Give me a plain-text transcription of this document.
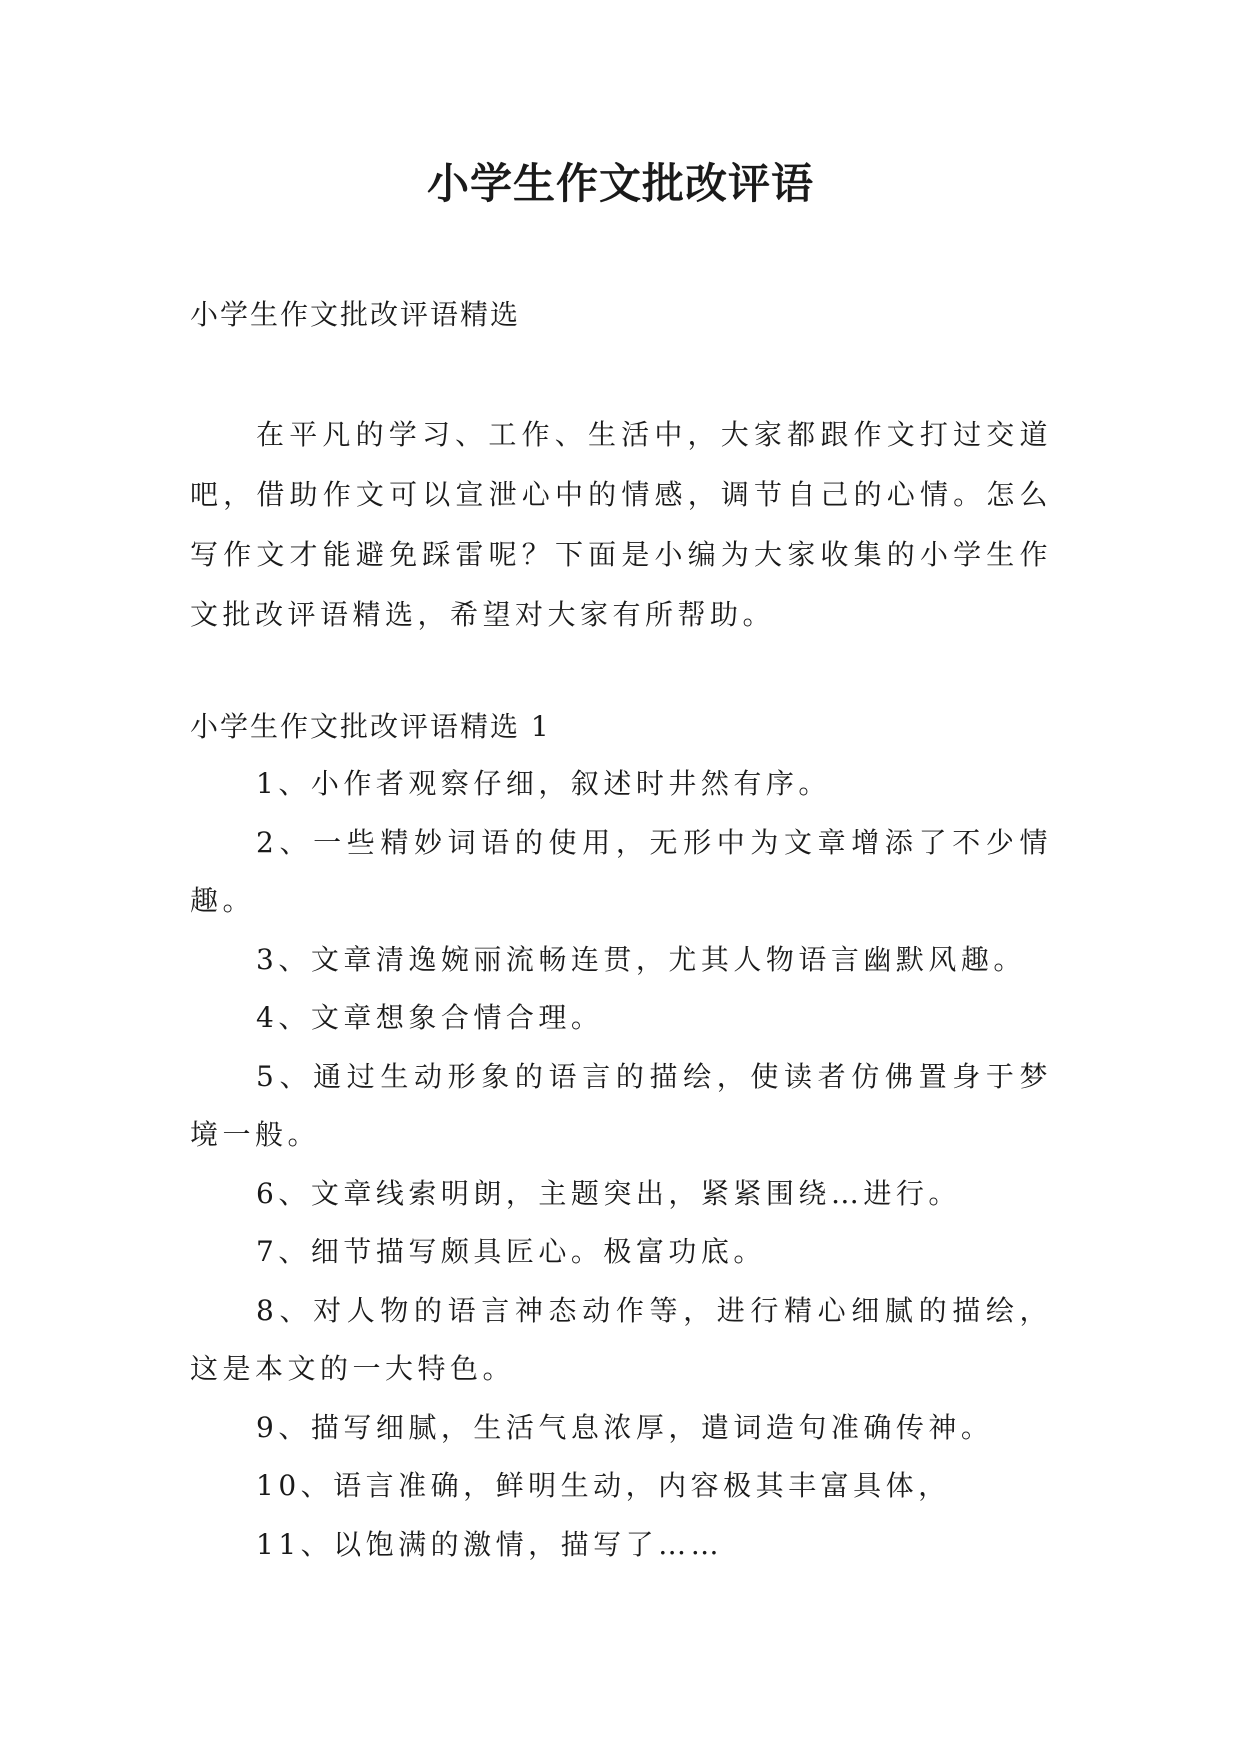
小学生作文批改评语
小学生作文批改评语精选

在平凡的学习、工作、生活中，大家都跟作文打过交道吧，借助作文可以宣泄心中的情感，调节自己的心情。怎么写作文才能避免踩雷呢？下面是小编为大家收集的小学生作文批改评语精选，希望对大家有所帮助。

小学生作文批改评语精选 1
1、小作者观察仔细，叙述时井然有序。
2、一些精妙词语的使用，无形中为文章增添了不少情趣。
3、文章清逸婉丽流畅连贯，尤其人物语言幽默风趣。
4、文章想象合情合理。
5、通过生动形象的语言的描绘，使读者仿佛置身于梦境一般。
6、文章线索明朗，主题突出，紧紧围绕…进行。
7、细节描写颇具匠心。极富功底。
8、对人物的语言神态动作等，进行精心细腻的描绘，这是本文的一大特色。
9、描写细腻，生活气息浓厚，遣词造句准确传神。
10、语言准确，鲜明生动，内容极其丰富具体，
11、以饱满的激情，描写了……
